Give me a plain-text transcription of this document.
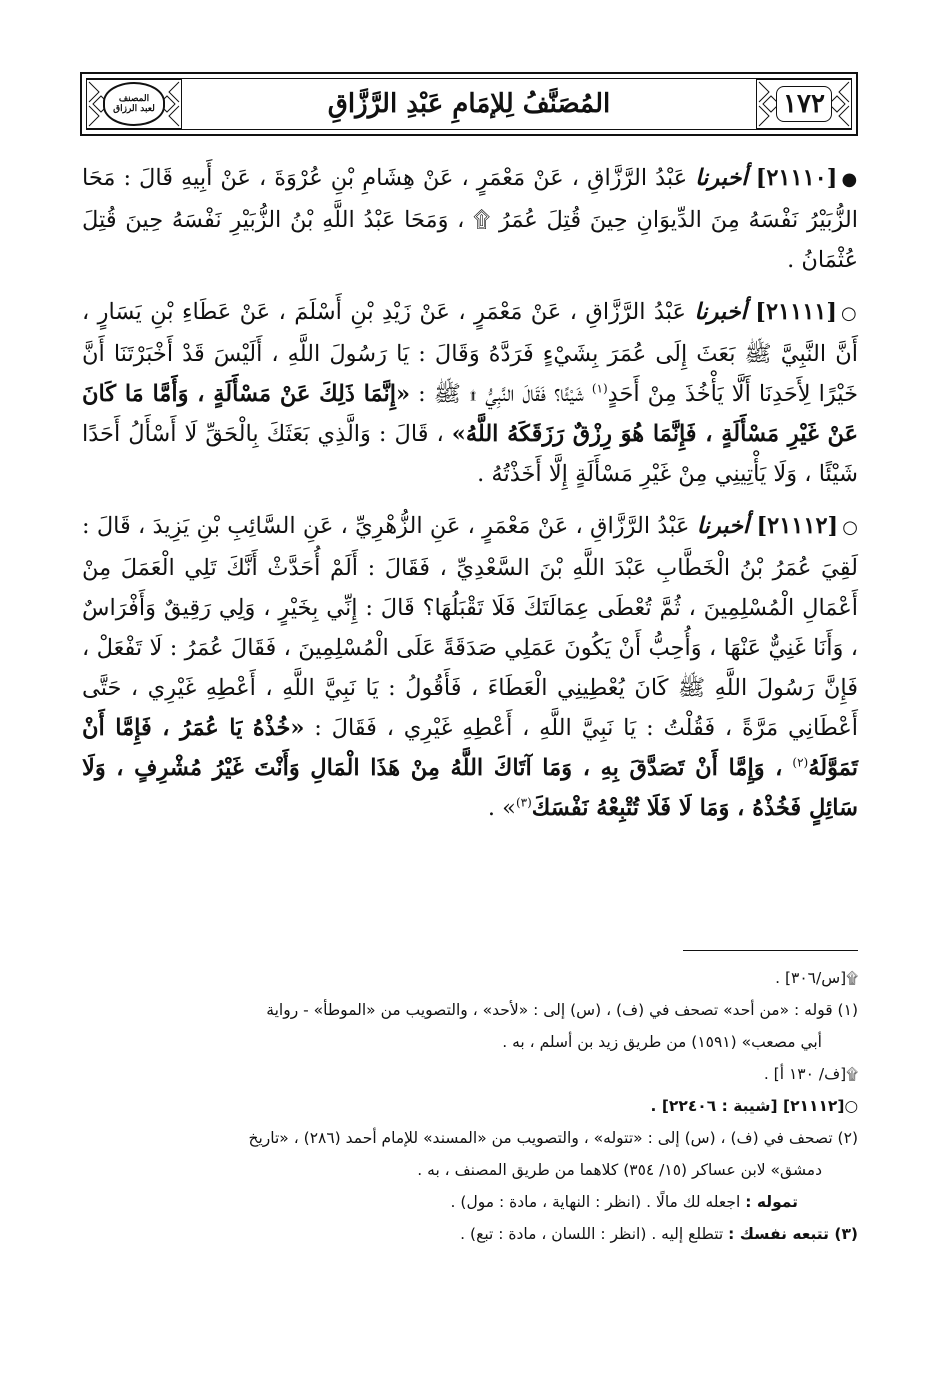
المصنف
لعبد الرزاق	المُصَنَّفُ لِلإمَامِ عَبْدِ الرَّزَّاقِ	١٧٢

●[٢١١١٠] أخبرنا عَبْدُ الرَّزَّاقِ ، عَنْ مَعْمَرٍ ، عَنْ هِشَامِ بْنِ عُرْوَةَ ، عَنْ أَبِيهِ قَالَ : مَحَا الزُّبَيْرُ نَفْسَهُ مِنَ الدِّيوَانِ حِينَ قُتِلَ عُمَرُ ۩ ، وَمَحَا عَبْدُ اللَّهِ بْنُ الزُّبَيْرِ نَفْسَهُ حِينَ قُتِلَ عُثْمَانُ .

○[٢١١١١] أخبرنا عَبْدُ الرَّزَّاقِ ، عَنْ مَعْمَرٍ ، عَنْ زَيْدِ بْنِ أَسْلَمَ ، عَنْ عَطَاءِ بْنِ يَسَارٍ ، أَنَّ النَّبِيَّ ﷺ بَعَثَ إِلَى عُمَرَ بِشَيْءٍ فَرَدَّهُ وَقَالَ : يَا رَسُولَ اللَّهِ ، أَلَيْسَ قَدْ أَخْبَرْتَنَا أَنَّ خَيْرًا لِأَحَدِنَا أَلَّا يَأْخُذَ مِنْ أَحَدٍ$^{(١)}$ شَيْئًا؟ فَقَالَ النَّبِيُّ ۩ ﷺ : «إِنَّمَا ذَلِكَ عَنْ مَسْأَلَةٍ ، وَأَمَّا مَا كَانَ عَنْ غَيْرِ مَسْأَلَةٍ ، فَإِنَّمَا هُوَ رِزْقٌ رَزَقَكَهُ اللَّهُ» ، قَالَ : وَالَّذِي بَعَثَكَ بِالْحَقِّ لَا أَسْأَلُ أَحَدًا شَيْئًا ، وَلَا يَأْتِينِي مِنْ غَيْرِ مَسْأَلَةٍ إِلَّا أَخَذْتُهُ .

○[٢١١١٢] أخبرنا عَبْدُ الرَّزَّاقِ ، عَنْ مَعْمَرٍ ، عَنِ الزُّهْرِيِّ ، عَنِ السَّائِبِ بْنِ يَزِيدَ ، قَالَ : لَقِيَ عُمَرُ بْنُ الْخَطَّابِ عَبْدَ اللَّهِ بْنَ السَّعْدِيِّ ، فَقَالَ : أَلَمْ أُحَدَّثْ أَنَّكَ تَلِي الْعَمَلَ مِنْ أَعْمَالِ الْمُسْلِمِينَ ، ثُمَّ تُعْطَى عِمَالَتَكَ فَلَا تَقْبَلُهَا؟ قَالَ : إِنِّي بِخَيْرٍ ، وَلِي رَقِيقٌ وَأَفْرَاسٌ ، وَأَنَا غَنِيٌّ عَنْهَا ، وَأُحِبُّ أَنْ يَكُونَ عَمَلِي صَدَقَةً عَلَى الْمُسْلِمِينَ ، فَقَالَ عُمَرُ : لَا تَفْعَلْ ، فَإِنَّ رَسُولَ اللَّهِ ﷺ كَانَ يُعْطِينِي الْعَطَاءَ ، فَأَقُولُ : يَا نَبِيَّ اللَّهِ ، أَعْطِهِ غَيْرِي ، حَتَّى أَعْطَانِي مَرَّةً ، فَقُلْتُ : يَا نَبِيَّ اللَّهِ ، أَعْطِهِ غَيْرِي ، فَقَالَ : «خُذْهُ يَا عُمَرُ ، فَإِمَّا أَنْ تَمَوَّلَهُ$^{(٢)}$ ، وَإِمَّا أَنْ تَصَدَّقَ بِهِ ، وَمَا آتَاكَ اللَّهُ مِنْ هَذَا الْمَالِ وَأَنْتَ غَيْرُ مُشْرِفٍ ، وَلَا سَائِلٍ فَخُذْهُ ، وَمَا لَا فَلَا تُتْبِعْهُ نَفْسَكَ$^{(٣)}$» .

۩[س/٣٠٦] .

(١) قوله : «من أحد» تصحف في (ف) ، (س) إلى : «لأحد» ، والتصويب من «الموطأ» - رواية

أبي مصعب» (١٥٩١) من طريق زيد بن أسلم ، به .

۩[ف/ ١٣٠ أ] .

○[٢١١١٢] [شيبة : ٢٢٤٠٦] .

(٢) تصحف في (ف) ، (س) إلى : «تتوله» ، والتصويب من «المسند» للإمام أحمد (٢٨٦) ، «تاريخ

دمشق» لابن عساكر (١٥/ ٣٥٤) كلاهما من طريق المصنف ، به .

تموله : اجعله لك مالًا . (انظر : النهاية ، مادة : مول) .

(٣) تتبعه نفسك : تتطلع إليه . (انظر : اللسان ، مادة : تبع) .
